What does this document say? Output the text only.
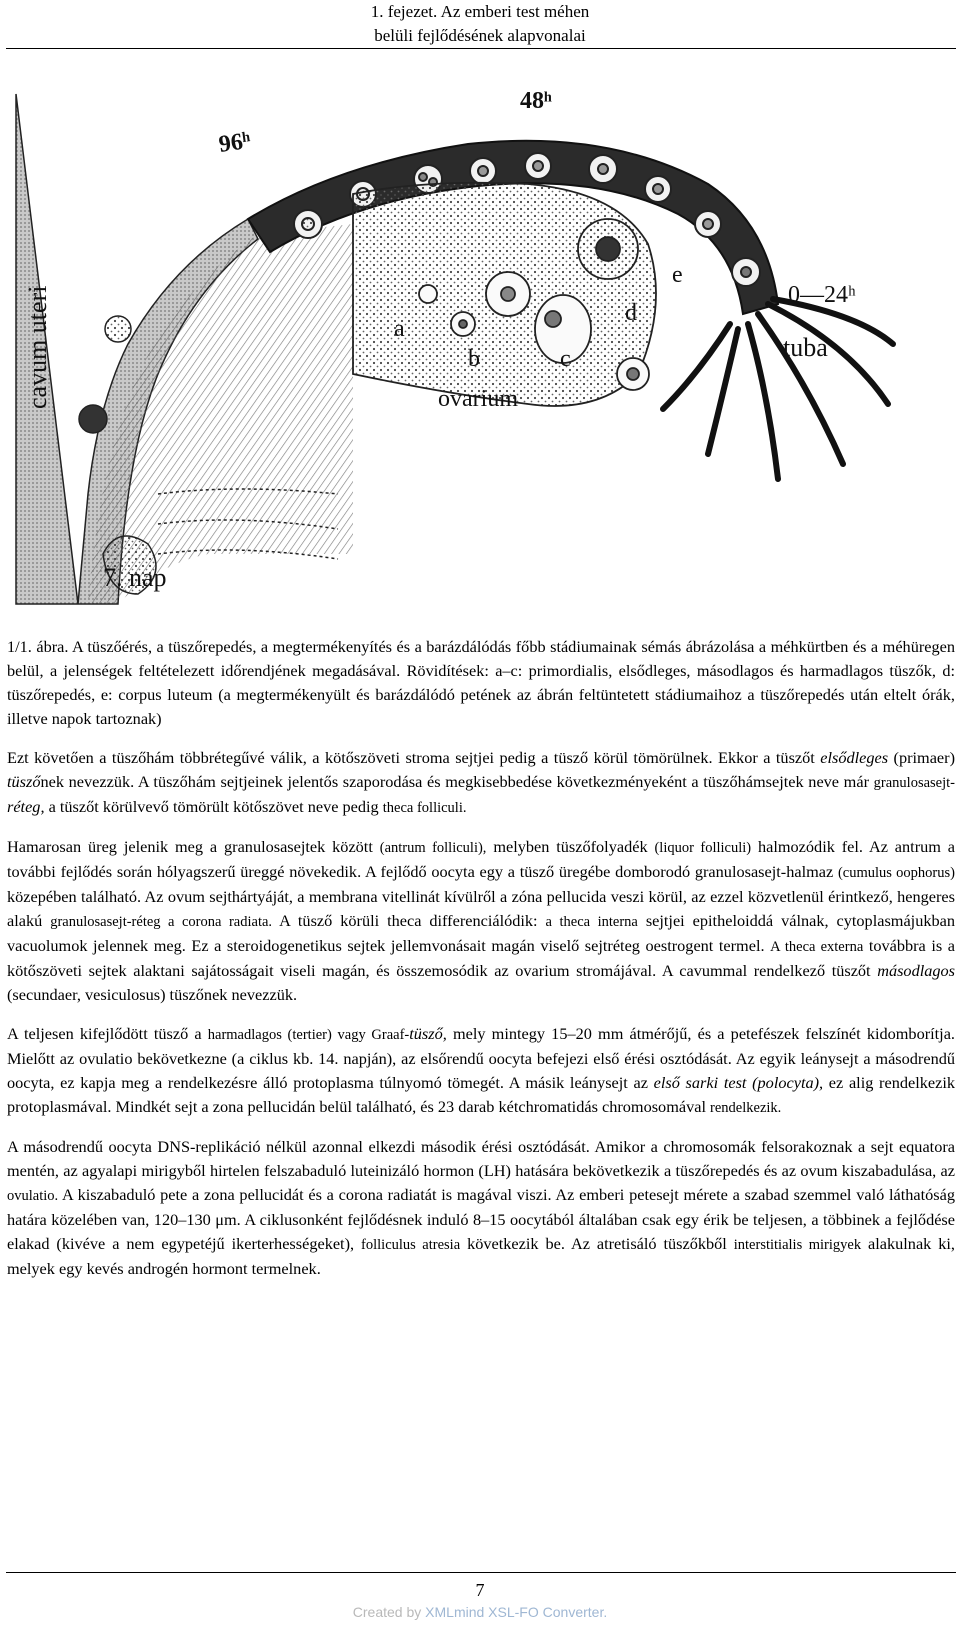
1. fejezet. Az emberi test méhen
belüli fejlődésének alapvonalai
96ʰ
48ʰ
0—24ʰ
tuba
ovarium
cavum uteri
7. nap
a
b	c
d
e

1/1. ábra. A tüszőérés, a tüszőrepedés, a megtermékenyítés és a barázdálódás főbb stádiumainak sémás ábrázolása a méhkürtben és a méhüregen belül, a jelenségek feltételezett időrendjének megadásával. Rövidítések: a–c: primordialis, elsődleges, másodlagos és harmadlagos tüszők, d: tüszőrepedés, e: corpus luteum (a megtermékenyült és barázdálódó petének az ábrán feltüntetett stádiumaihoz a tüszőrepedés után eltelt órák, illetve napok tartoznak)

Ezt követően a tüszőhám többrétegűvé válik, a kötőszöveti stroma sejtjei pedig a tüsző körül tömörülnek. Ekkor a tüszőt elsődleges (primaer) tüszőnek nevezzük. A tüszőhám sejtjeinek jelentős szaporodása és megkisebbedése következményeként a tüszőhámsejtek neve már granulosasejt-réteg, a tüszőt körülvevő tömörült kötőszövet neve pedig theca folliculi.

Hamarosan üreg jelenik meg a granulosasejtek között (antrum folliculi), melyben tüszőfolyadék (liquor folliculi) halmozódik fel. Az antrum a további fejlődés során hólyagszerű üreggé növekedik. A fejlődő oocyta egy a tüsző üregébe domborodó granulosasejt-halmaz (cumulus oophorus) közepében található. Az ovum sejthártyáját, a membrana vitellinát kívülről a zóna pellucida veszi körül, az ezzel közvetlenül érintkező, hengeres alakú granulosasejt-réteg a corona radiata. A tüsző körüli theca differenciálódik: a theca interna sejtjei epitheloiddá válnak, cytoplasmájukban vacuolumok jelennek meg. Ez a steroidogenetikus sejtek jellemvonásait magán viselő sejtréteg oestrogent termel. A theca externa továbbra is a kötőszöveti sejtek alaktani sajátosságait viseli magán, és összemosódik az ovarium stromájával. A cavummal rendelkező tüszőt másodlagos (secundaer, vesiculosus) tüszőnek nevezzük.

A teljesen kifejlődött tüsző a harmadlagos (tertier) vagy Graaf-tüsző, mely mintegy 15–20 mm átmérőjű, és a petefészek felszínét kidomborítja. Mielőtt az ovulatio bekövetkezne (a ciklus kb. 14. napján), az elsőrendű oocyta befejezi első érési osztódását. Az egyik leánysejt a másodrendű oocyta, ez kapja meg a rendelkezésre álló protoplasma túlnyomó tömegét. A másik leánysejt az első sarki test (polocyta), ez alig rendelkezik protoplasmával. Mindkét sejt a zona pellucidán belül található, és 23 darab kétchromatidás chromosomával rendelkezik.

A másodrendű oocyta DNS-replikáció nélkül azonnal elkezdi második érési osztódását. Amikor a chromosomák felsorakoznak a sejt equatora mentén, az agyalapi mirigyből hirtelen felszabaduló luteinizáló hormon (LH) hatására bekövetkezik a tüszőrepedés és az ovum kiszabadulása, az ovulatio. A kiszabaduló pete a zona pellucidát és a corona radiatát is magával viszi. Az emberi petesejt mérete a szabad szemmel való láthatóság határa közelében van, 120–130 μm. A ciklusonként fejlődésnek induló 8–15 oocytából általában csak egy érik be teljesen, a többinek a fejlődése elakad (kivéve a nem egypetéjű ikerterhességeket), folliculus atresia következik be. Az atretisáló tüszőkből interstitialis mirigyek alakulnak ki, melyek egy kevés androgén hormont termelnek.

7
Created by XMLmind XSL-FO Converter.
